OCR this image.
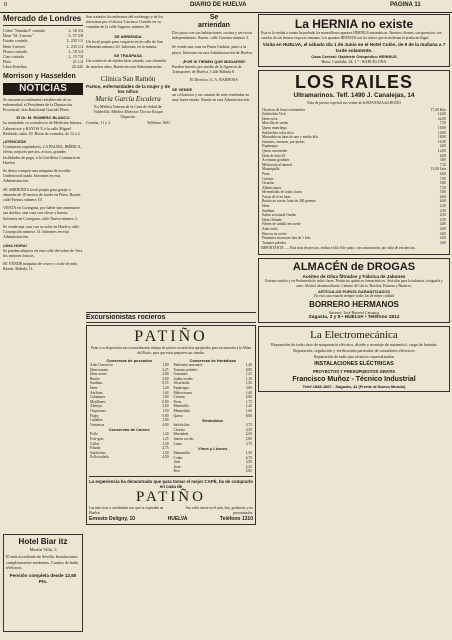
8	DIARIO DE HUELVA	PAGINA 11
Mercado de Londres
Cobre "Standard" contado	L. 56 3/4
Ídem "Id. 3 meses"	L. 57 3/8
Estaño contado	L. 232 1/2
Ídem 3 meses	L. 233 1/4
Plomo contado	L. 18 3/4
Cinc contado	L. 15 7/8
Plata	21 1/4
Libra Esterlina	25.445
Morrison y Hasselden
NOTICIAS
Se encuentra totalmente restablecido de su enfermedad, el Presidente de la Diputación Provincial, don Bartolomé Garrido Pérez.
El Dr. M. ROMERO BLANCO
ha trasladado su consultorio de Medicina Interna, Laboratorio y RAYOS X a la calle Miguel Redondo, núm. 29. Horas de consulta, de 12 a 2
¡ATENCIÓN!
Comisarios reguladores, LA PALMA, IBÉRICA, oferta, mejores precios, avisos, grandes facilidades de pago, a la Corrillera Comisaría en Huelva.
Se desea comprar una máquina de escribir Underwood usada. Informes en esta Administración.
SE ARRIENDA local propio para garaje o almacén de 10 metros de fondo en Pérez. Razón: calle Fresno, número 10.
VENTA en Cortegana, por haber que ausentarse sus dueños, una casa con olivar y huerta. Informes en Cortegana, calle Nueva número 2.
Se vende una casa con su solar en Huelva, calle Concepción número 14. Informes en esta Administración.
¡UNA HORA!
Se pueden adquirir en esta calle del señor de Vera los mejores frascos.
SE VENDE máquina de coser y coche de niño. Razón: Rábida, 11.
Hotel Biar itz
Martín Villa, 3
El más acreditado de Sevilla. Instalaciones completamente modernas. Cuartos de baño, teléfonos.
Pensión completa desde 12,50 Pts.
Son tratados los enfermos del estómago y de los intestinos por el doctor Carrasco Garrido en su consulta de la calle Sagasta, número 38.
SE ARRIENDA
Un local propio para vaquería en la calle de San Sebastián número 20. Informes en la misma.
SE TRASPASA
Un comercio de tejidos bien situado, con clientela de muchos años. Razón en esta Administración.
Clínica San Ramón
Partos, enfermedades de la mujer y de los niños
María García Escalera
Ex-Médico Interna de la Casa de Salud de Valdecilla. Médico Director: Doctor Roque Ulgarrán.
Concha, 11 y 2	Teléfono 1691
Se
arriendan
Dos pisos con sus habitaciones, cocina y servicios independientes. Razón: calle Gravina número 3.
Se vende una casa en Punta Umbría, junto a la playa. Informes en esta Administración de Huelva.
¡POR SI TIENEN QUE MUDARSE!
Pueden hacerlo por medio de la Agencia de Transportes de Huelva, Calle Rábida 8.
El Director, G. A. BARBOSA
SE VENDE
un ciclomotor y un camión de siete toneladas en muy buen estado. Razón en esta Administración.
Excursionistas rocieros
PATIÑO
Pone a su disposición sus extraordinarias rebajas de precios en artículos apropiados para excursiones a la Aldea del Rocío, para que estas preparen sus viandas.
Conservas de pescados
Atún Consorcio	1,80
Ídem tomate	2,25
Ídem aceite	2,00
Bonito	3,00
Sardinas	0,55
Ídem	1,20
Anchoas	1,60
Calamares	1,00
Mejillones	0,90
Almejas	2,00
Chipirones	1,50
Pulpo	0,80
Caballas	1,00
Ventresca	4,00
Conservas de Carnes
Pollo	1,40
Foie-gras	1,25
Callos	1,30
Fabada	2,75
Salchichas	1,50
Pollo trufado	4,50
Conservas de Hortalizas
Pimientos morrones	1,40
Tomates pelados	0,90
Guisantes	1,25
Judías verdes	1,10
Alcachofas	1,50
Espárragos	3,00
Melocotones	1,40
Cerezas	2,00
Peras	1,75
Membrillo	1,20
Mermelada	1,60
Queso	8,00
Embutidos
Salchichón	3,75
Chorizo	3,50
Mortadela	2,50
Jamón cocido	5,00
Lomo	3,75
Vinos y Licores
Manzanilla	1,50
Coñac	6,75
Anís	3,50
Jerez	2,25
Ron	5,00
La experiencia ha demostrado que para tomar el mejor CAFÉ, ha de comprarlo en casa de
PATIÑO
Las más ricas y acreditadas tras que se expenden en Huelva.
Sus cafés tueste en el país, hoy, productos y no preconizados.
Ernesto Deligny, 10	HUELVA	Teléfono 1310
La HERNIA no existe
Esta es la verdad a cuanto ha probado los maravillosos aparatos HERNIUS automáticos. Nuestros clientes, sin operación, son curados de sus hernias en pocas semanas. Los aparatos HERNIUS son los únicos que ni molestan ni producen llagas.
Visita en HUELVA, el sábado día 1 de Junio en el Hotel Colón, de 9 de la mañana a 7 tarde solamente.
Casa Central: Gabinete Ortopédico HERNIUS
Riera, Cataluña, 34, 1.º - BARCELONA
LOS RAILES
Ultramarinos. Telf. 1490 J. Canalejas, 14
Nota de precios especial sus ventas de la BONANZA del ROCÍO
Chorizos de lomo extremeños	17,00 Kilo
Salchichón Vich	16,00
Ídem extra	22,00
Morcilla de sartén	7,50
Queso manchego	18,00
Salchichón colar silvo	10,00
Mortadela en latas de uno y medio kilo	18,00
Jamones, serranos, por piezas	16,50
Espárragos	4,00
Queso extremeño	14,00
Ídem de bola 40	6,00
Aceitunas gordales	3,00
Melocotón al natural	7,50
Mantequilla	13,00 Lata
Peras	6,00
Cerezas	7,00
Ciruelas	5,00
Albaricoques	7,50
Mermeladas de todas clases	5,00
Pastas de té en latas	6,00
Bonito en aceite, latas de 200 gramos	6,00
Ídem	2,50
Sardinas	2,50
Salsas al natural Garibo	4,50
Ídem Orlando	4,50
Filetes de caballa en aceite	4,00
Atún estilo	5,00
Huevos en aceite	4,00
Pimientos morrones lata de 1 kilo	4,00
Tomates pelados	3,00
IMPORTANTE. — Esta nota de precios, realiza el día 8 de junio; con autorización, por falta de existencias.
ALMACÉN de DROGAS
Aceites de Oliva filtrados y Fábrica de Jabones
Extenso surtido y en Perfumería de todas clases. Productos químicos farmacéuticos. Artículos para la industria, fotografía y artes. Alcohol desnaturalizado. Carburo de Calcio. Brochas, Pinturas y Barnices.
ARTÍCULOS PUROS GARANTIZADOS
En esta casa estarán siempre todos los de mejor calidad
BORRERO HERMANOS
Sucesor: José Borrero Carrasco
Sagasta, 3 y 5 • HUELVA • Teléfono 1812
La Electromecánica
Reparación de toda clase de maquinaria eléctrica, diseño y montaje de automóvil, carga de baterías
Reparación, regulación y verificación particular de contadores eléctricos
Reparación de radio por técnicos especializados
INSTALACIONES ELÉCTRICAS
PROYECTOS Y PRESUPUESTOS GRATIS
Francisco Muñoz - Técnico Industrial
Telef.1848-1867 - Sagasta, 41 (Frente al Nuevo Mundo)
